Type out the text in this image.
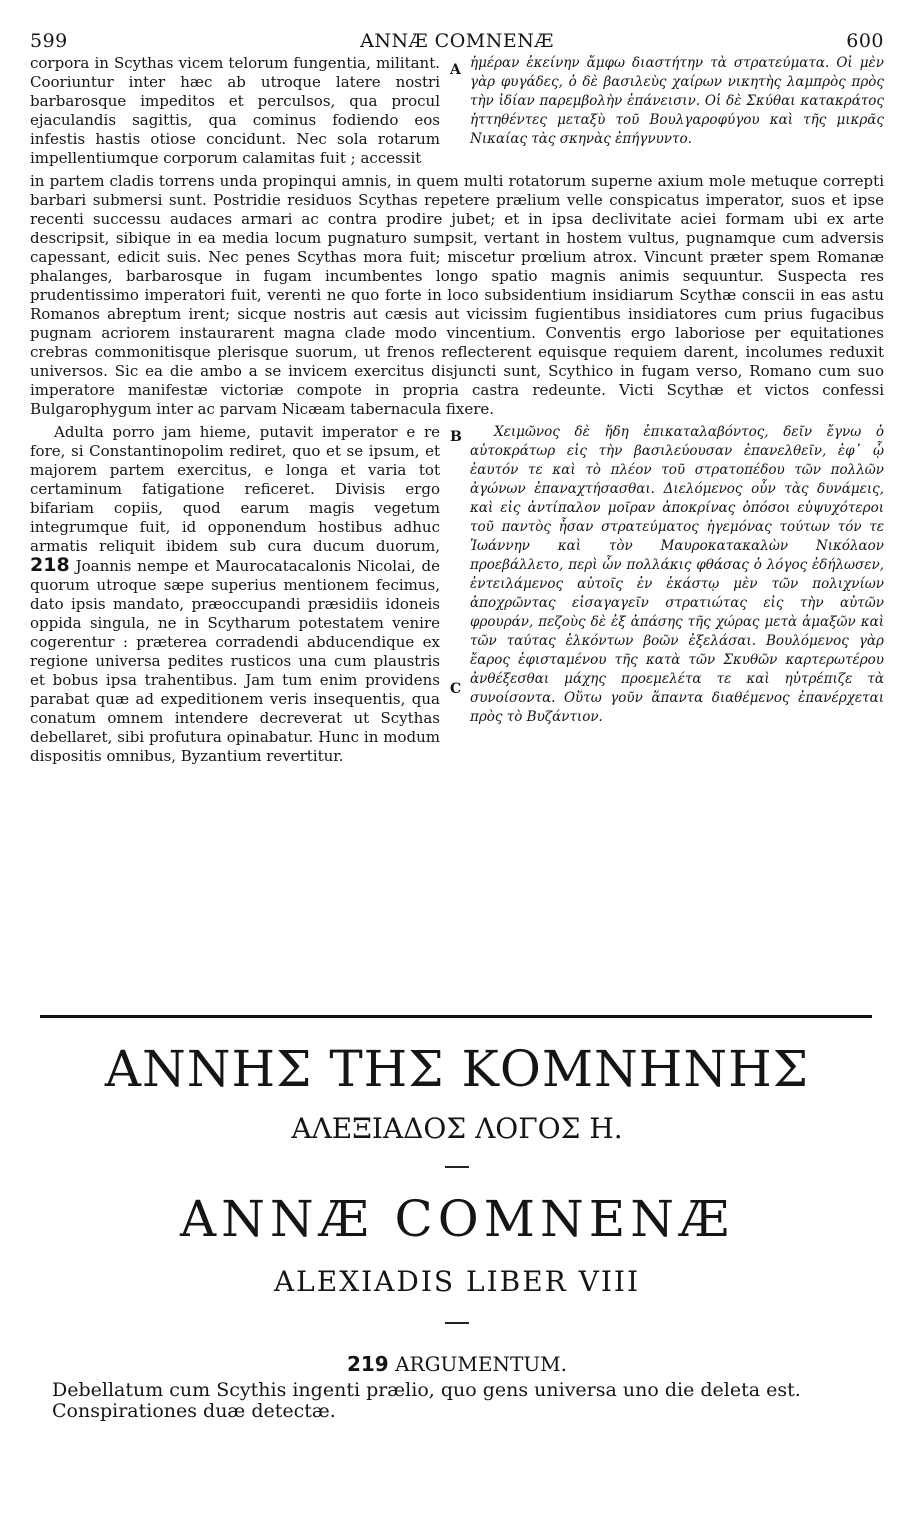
599	ANNÆ COMNENÆ	600
corpora in Scythas vicem telorum fungentia, militant. Cooriuntur inter hæc ab utroque latere nostri barbarosque impeditos et perculsos, qua procul ejaculandis sagittis, qua cominus fodiendo eos infestis hastis otiose concidunt. Nec sola rotarum impellentiumque corporum calamitas fuit ; accessit
A ἡμέραν ἐκείνην ἄμφω διαστήτην τὰ στρατεύματα. Οἱ μὲν γὰρ φυγάδες, ὁ δὲ βασιλεὺς χαίρων νικητὴς λαμπρὸς πρὸς τὴν ἰδίαν παρεμβολὴν ἐπάνεισιν. Οἱ δὲ Σκύθαι κατακράτος ἡττηθέντες μεταξὺ τοῦ Βουλγαροφύγου καὶ τῆς μικρᾶς Νικαίας τὰς σκηνὰς ἐπήγνυντο.
in partem cladis torrens unda propinqui amnis, in quem multi rotatorum superne axium mole metuque correpti barbari submersi sunt. Postridie residuos Scythas repetere prælium velle conspicatus imperator, suos et ipse recenti successu audaces armari ac contra prodire jubet; et in ipsa declivitate aciei formam ubi ex arte descripsit, sibique in ea media locum pugnaturo sumpsit, vertant in hostem vultus, pugnamque cum adversis capessant, edicit suis. Nec penes Scythas mora fuit; miscetur prœlium atrox. Vincunt præter spem Romanæ phalanges, barbarosque in fugam incumbentes longo spatio magnis animis sequuntur. Suspecta res prudentissimo imperatori fuit, verenti ne quo forte in loco subsidentium insidiarum Scythæ conscii in eas astu Romanos abreptum irent; sicque nostris aut cæsis aut vicissim fugientibus insidiatores cum prius fugacibus pugnam acriorem instaurarent magna clade modo vincentium. Conventis ergo laboriose per equitationes crebras commonitisque plerisque suorum, ut frenos reflecterent equisque requiem darent, incolumes reduxit universos. Sic ea die ambo a se invicem exercitus disjuncti sunt, Scythico in fugam verso, Romano cum suo imperatore manifestæ victoriæ compote in propria castra redeunte. Victi Scythæ et victos confessi Bulgarophygum inter ac parvam Nicæam tabernacula fixere.
Adulta porro jam hieme, putavit imperator e re fore, si Constantinopolim rediret, quo et se ipsum, et majorem partem exercitus, e longa et varia tot certaminum fatigatione reficeret. Divisis ergo bifariam copiis, quod earum magis vegetum integrumque fuit, id opponendum hostibus adhuc armatis reliquit ibidem sub cura ducum duorum, 218 Joannis nempe et Maurocatacalonis Nicolai, de quorum utroque sæpe superius mentionem fecimus, dato ipsis mandato, præoccupandi præsidiis idoneis oppida singula, ne in Scytharum potestatem venire cogerentur : præterea corradendi abducendique ex regione universa pedites rusticos una cum plaustris et bobus ipsa trahentibus. Jam tum enim providens parabat quæ ad expeditionem veris insequentis, qua conatum omnem intendere decreverat ut Scythas debellaret, sibi profutura opinabatur. Hunc in modum dispositis omnibus, Byzantium revertitur.
B
C
Χειμῶνος δὲ ἤδη ἐπικαταλαβόντος, δεῖν ἔγνω ὁ αὐτοκράτωρ εἰς τὴν βασιλεύουσαν ἐπανελθεῖν, ἐφ᾽ ᾧ ἑαυτόν τε καὶ τὸ πλέον τοῦ στρατοπέδου τῶν πολλῶν ἀγώνων ἐπαναχτήσασθαι. Διελόμενος οὖν τὰς δυνάμεις, καὶ εἰς ἀντίπαλον μοῖραν ἀποκρίνας ὁπόσοι εὐψυχότεροι τοῦ παντὸς ἦσαν στρατεύματος ἡγεμόνας τούτων τόν τε Ἰωάννην καὶ τὸν Μαυροκατακαλὼν Νικόλαον προεβάλλετο, περὶ ὧν πολλάκις φθάσας ὁ λόγος ἐδήλωσεν, ἐντειλάμενος αὐτοῖς ἐν ἑκάστῳ μὲν τῶν πολιχνίων ἀποχρῶντας εἰσαγαγεῖν στρατιώτας εἰς τὴν αὐτῶν φρουράν, πεζοὺς δὲ ἐξ ἁπάσης τῆς χώρας μετὰ ἁμαξῶν καὶ τῶν ταύτας ἑλκόντων βοῶν ἐξελάσαι. Βουλόμενος γὰρ ἔαρος ἐφισταμένου τῆς κατὰ τῶν Σκυθῶν καρτερωτέρου ἀνθέξεσθαι μάχης προεμελέτα τε καὶ ηὐτρέπιζε τὰ συνοίσοντα. Οὕτω γοῦν ἅπαντα διαθέμενος ἐπανέρχεται πρὸς τὸ Βυζάντιον.
ΑΝΝΗΣ ΤΗΣ ΚΟΜΝΗΝΗΣ
ΑΛΕΞΙΑΔΟΣ ΛΟΓΟΣ Η.
ANNÆ COMNENÆ
ALEXIADIS LIBER VIII
219 ARGUMENTUM.
Debellatum cum Scythis ingenti prælio, quo gens universa uno die deleta est. Conspirationes duæ detectæ.
